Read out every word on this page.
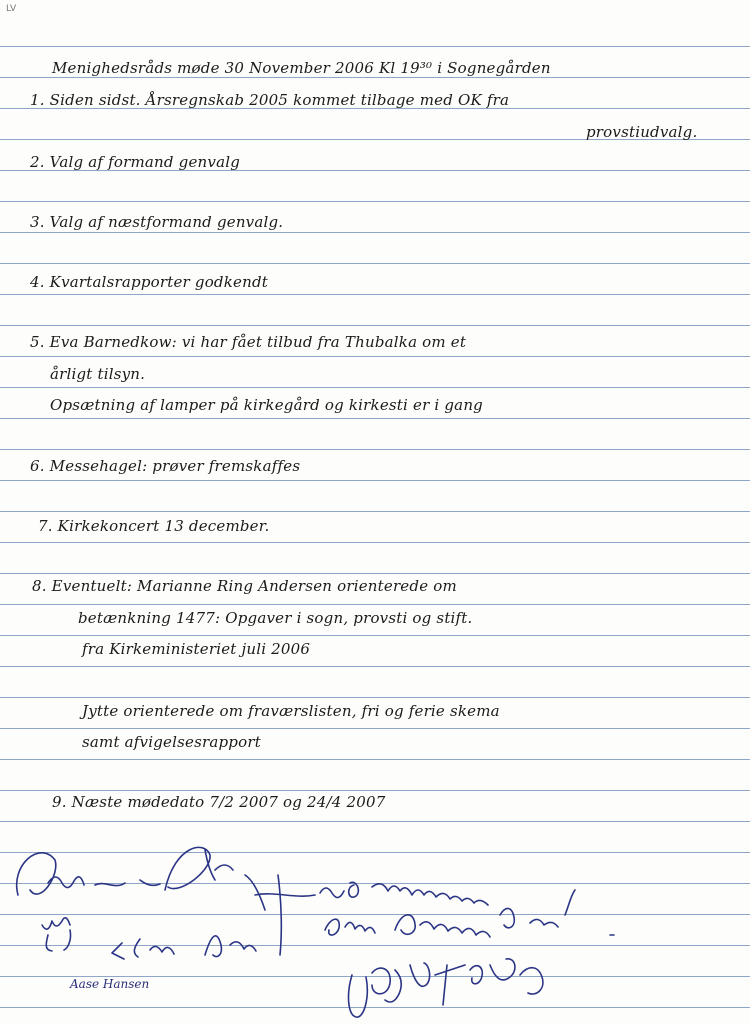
LV
Menighedsråds møde 30 November 2006 Kl 19³⁰ i Sognegården
1. Siden sidst. Årsregnskab 2005 kommet tilbage med OK fra
provstiudvalg.
2. Valg af formand genvalg
3. Valg af næstformand genvalg.
4. Kvartalsrapporter godkendt
5. Eva Barnedkow: vi har fået tilbud fra Thubalka om et
årligt tilsyn.
Opsætning af lamper på kirkegård og kirkesti er i gang
6. Messehagel: prøver fremskaffes
7. Kirkekoncert 13 december.
8. Eventuelt: Marianne Ring Andersen orienterede om
betænkning 1477: Opgaver i sogn, provsti og stift.
fra Kirkeministeriet juli 2006
Jytte orienterede om fraværslisten, fri og ferie skema
samt afvigelsesrapport
9. Næste mødedato 7/2 2007 og 24/4 2007
Aase Hansen
